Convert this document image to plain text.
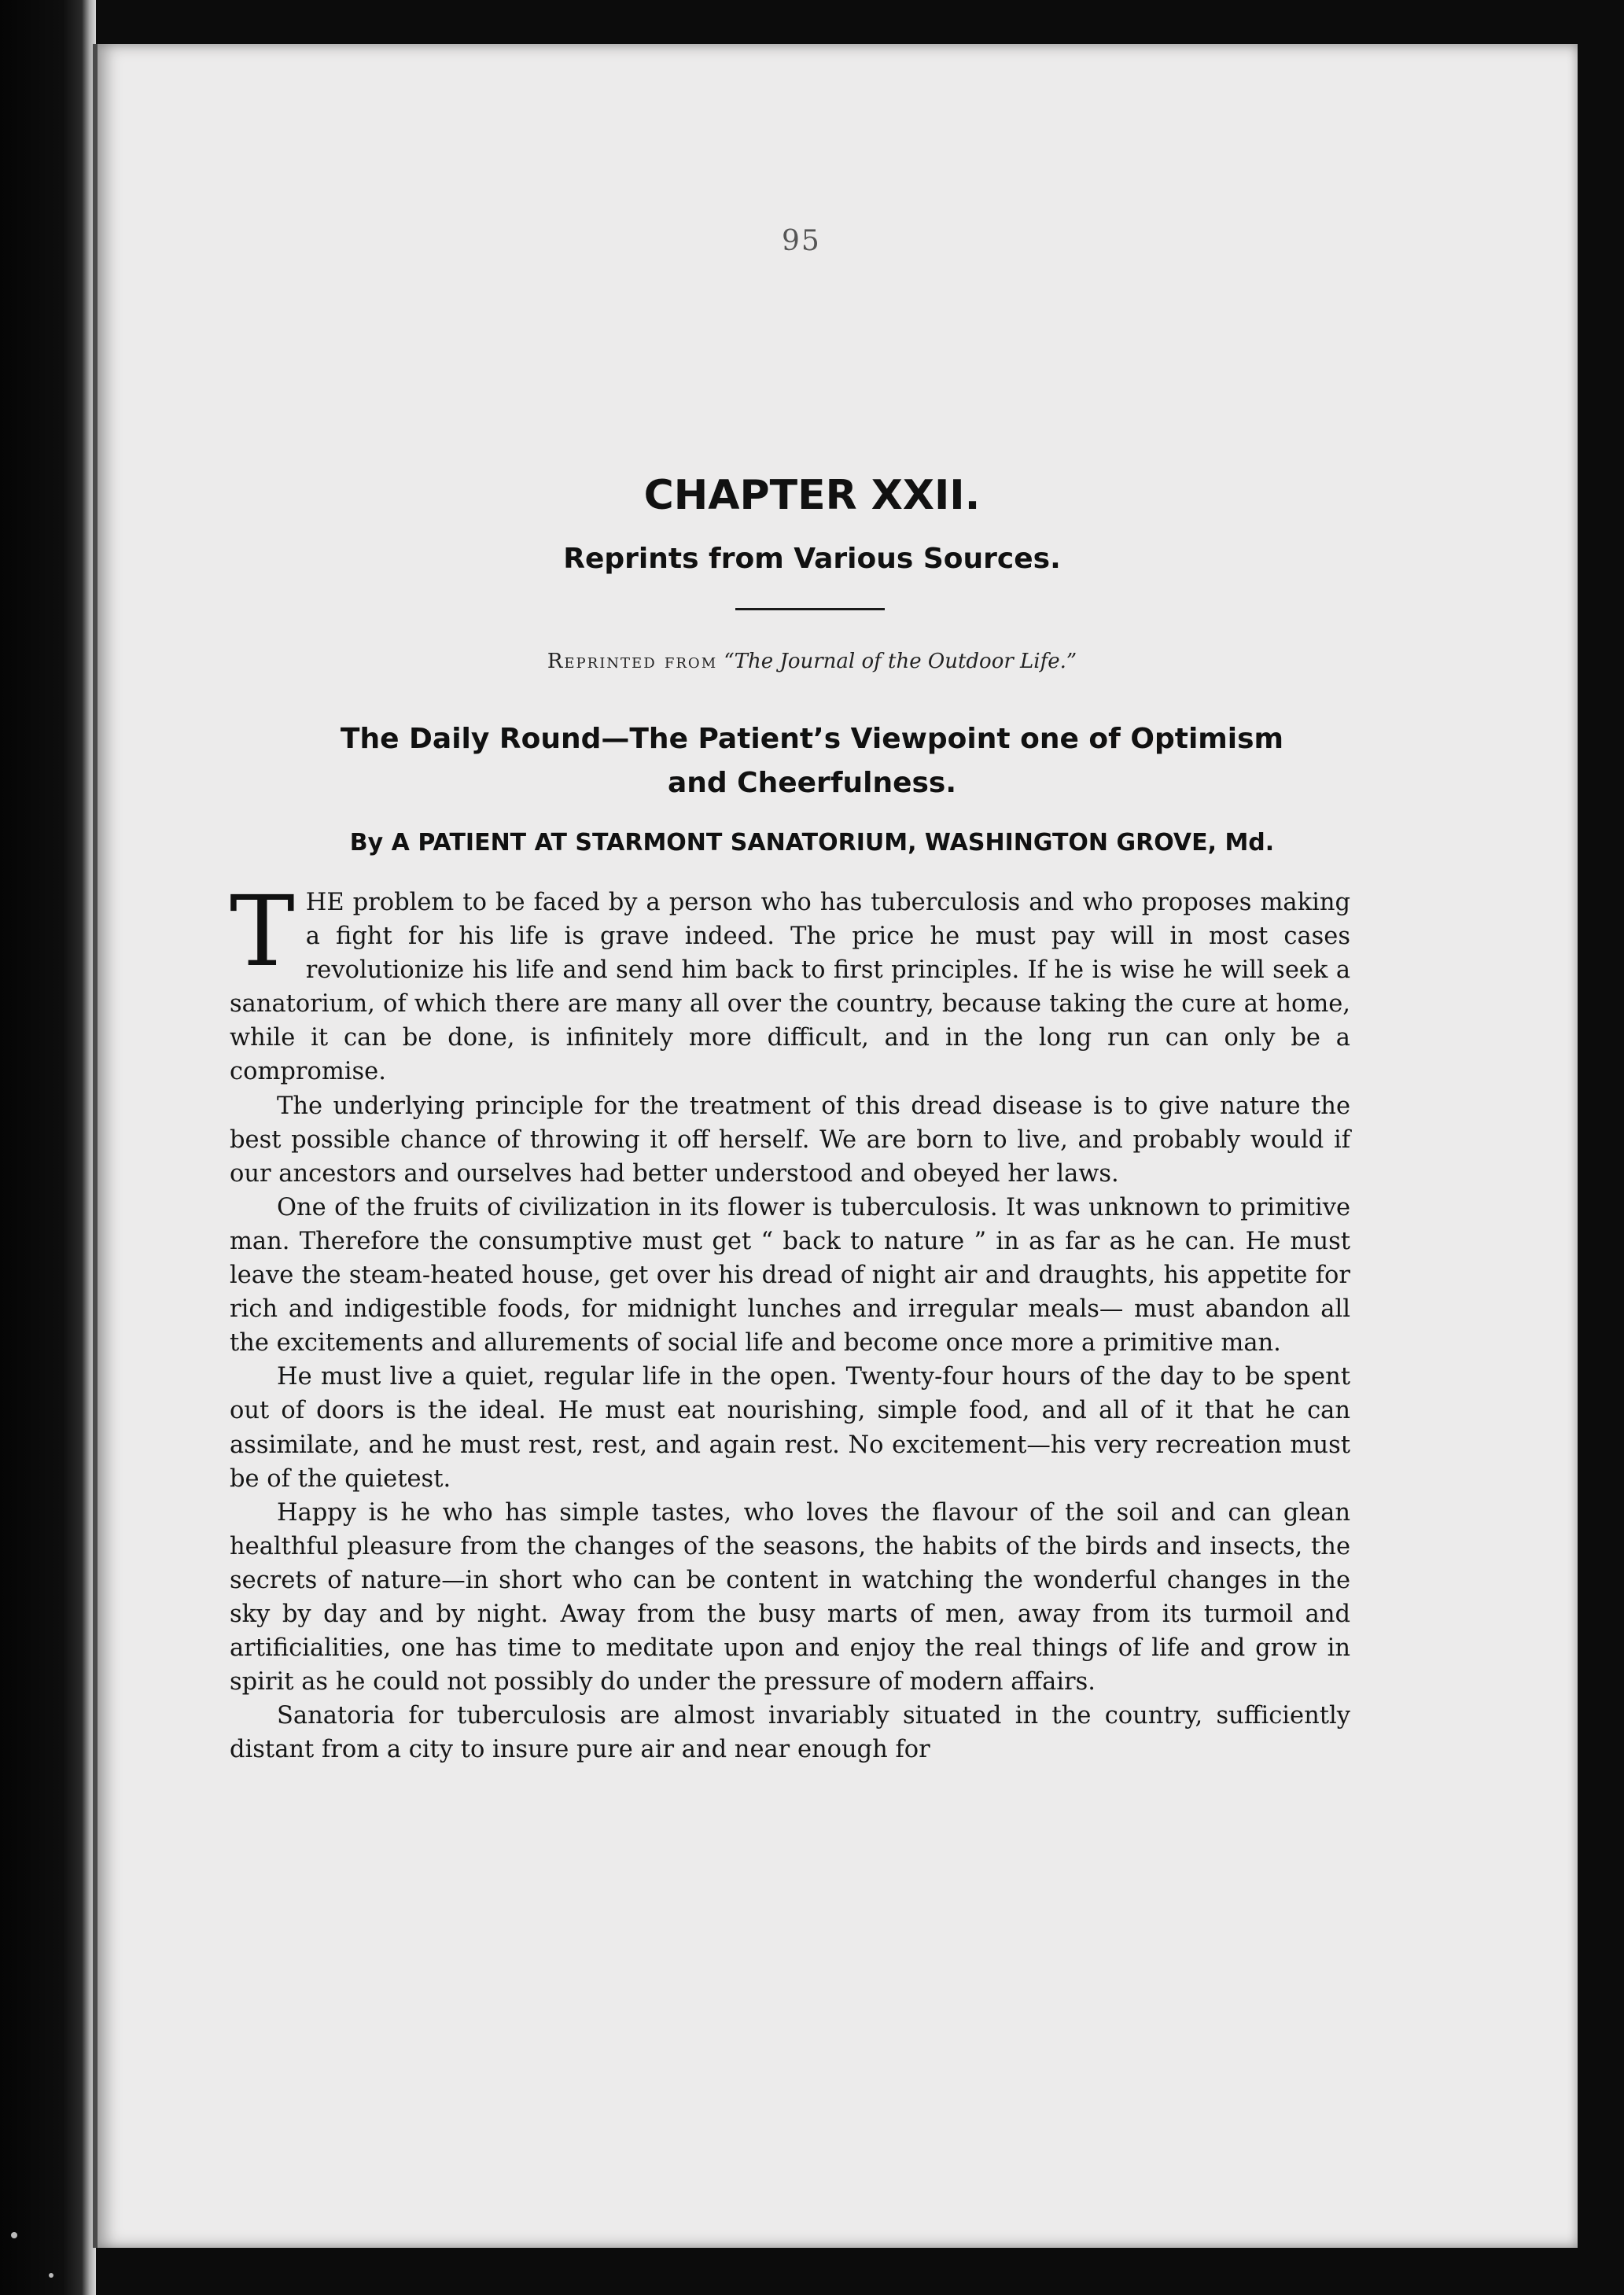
95
CHAPTER XXII.
Reprints from Various Sources.
Reprinted from “The Journal of the Outdoor Life.”
The Daily Round—The Patient’s Viewpoint one of Optimism
and Cheerfulness.
By A PATIENT AT STARMONT SANATORIUM, WASHINGTON GROVE, Md.

THE problem to be faced by a person who has tuberculosis and who proposes making a fight for his life is grave indeed. The price he must pay will in most cases revolutionize his life and send him back to first principles. If he is wise he will seek a sanatorium, of which there are many all over the country, because taking the cure at home, while it can be done, is infinitely more difficult, and in the long run can only be a compromise.

The underlying principle for the treatment of this dread disease is to give nature the best possible chance of throwing it off herself. We are born to live, and probably would if our ancestors and ourselves had better understood and obeyed her laws.

One of the fruits of civilization in its flower is tuberculosis. It was unknown to primitive man. Therefore the consumptive must get “ back to nature ” in as far as he can. He must leave the steam-heated house, get over his dread of night air and draughts, his appetite for rich and indigestible foods, for midnight lunches and irregular meals— must abandon all the excitements and allurements of social life and become once more a primitive man.

He must live a quiet, regular life in the open. Twenty-four hours of the day to be spent out of doors is the ideal. He must eat nourishing, simple food, and all of it that he can assimilate, and he must rest, rest, and again rest. No excitement—his very recreation must be of the quietest.

Happy is he who has simple tastes, who loves the flavour of the soil and can glean healthful pleasure from the changes of the seasons, the habits of the birds and insects, the secrets of nature—in short who can be content in watching the wonderful changes in the sky by day and by night. Away from the busy marts of men, away from its turmoil and artificialities, one has time to meditate upon and enjoy the real things of life and grow in spirit as he could not possibly do under the pressure of modern affairs.

Sanatoria for tuberculosis are almost invariably situated in the country, sufficiently distant from a city to insure pure air and near enough for
